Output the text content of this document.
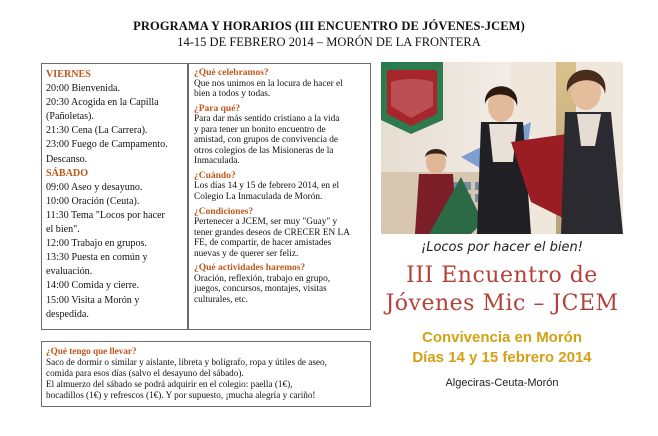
PROGRAMA Y HORARIOS (III ENCUENTRO DE JÓVENES-JCEM)
14-15 DE FEBRERO 2014 – MORÓN DE LA FRONTERA
VIERNES
20:00 Bienvenida.
20:30 Acogida en la Capilla
(Pañoletas).
21:30 Cena (La Carrera).
23:00 Fuego de Campamento.
Descanso.
SÁBADO
09:00 Aseo y desayuno.
10:00 Oración (Ceuta).
11:30 Tema "Locos por hacer
el bien".
12:00 Trabajo en grupos.
13:30 Puesta en común y
evaluación.
14:00 Comida y cierre.
15:00 Visita a Morón y
despedida.

¿Qué celebramos?

Que nos unimos en la locura de hacer el

bien a todos y todas.

¿Para qué?

Para dar más sentido cristiano a la vida

y para tener un bonito encuentro de

amistad, con grupos de convivencia de

otros colegios de las Misioneras de la

Inmaculada.

¿Cuándo?

Los días 14 y 15 de febrero 2014, en el

Colegio La Inmaculada de Morón.

¿Condiciones?

Pertenecer a JCEM, ser muy "Guay" y

tener grandes deseos de CRECER EN LA

FE, de compartir, de hacer amistades

nuevas y de querer ser feliz.

¿Qué actividades haremos?

Oración, reflexión, trabajo en grupo,

juegos, concursos, montajes, visitas

culturales, etc.

¿Qué tengo que llevar?

Saco de dormir o similar y aislante, libreta y bolígrafo, ropa y útiles de aseo,

comida para esos días (salvo el desayuno del sábado).

El almuerzo del sábado se podrá adquirir en el colegio: paella (1€),

bocadillos (1€) y refrescos (1€). Y por supuesto, ¡mucha alegría y cariño!

¡Locos por hacer el bien!
III Encuentro de
Jóvenes Mic – JCEM
Convivencia en Morón
Días 14 y 15 febrero 2014
Algeciras-Ceuta-Morón
